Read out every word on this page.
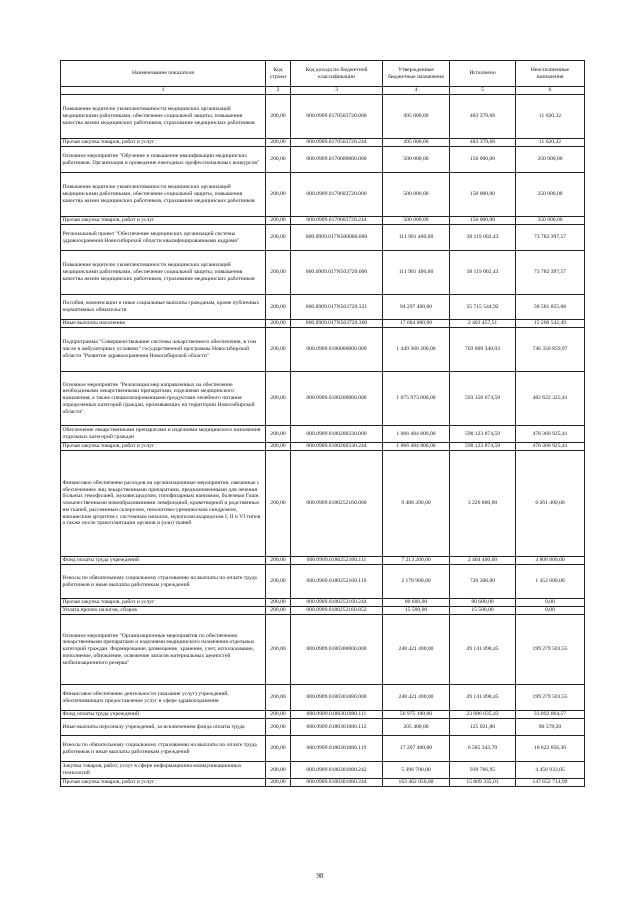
Наименование показателя	Код строки	Код дохода по бюджетной классификации	Утвержденные бюджетные назначения	Исполнено	Неисполненные назначения
1	2	3	4	5	6
Повышение водителю укомплектованности медицинских организаций медицинскими работниками, обеспечение социальной защиты, повышения качества жизни медицинских работников, страхование медицинских работников	200,00	000.0909.0170503720.000	495 000,00	483 379,68	11 620,32
Прочая закупка товаров, работ и услуг	200,00	000.0909.0170503720.244	495 000,00	483 379,68	11 620,32
Основное мероприятие "Обучение и повышение квалификации медицинских работников. Организация и проведение ежегодных профессиональных конкурсов"	200,00	000.0909.0170600000.000	500 000,00	150 000,00	350 000,00
Повышение водителю укомплектованности медицинских организаций медицинскими работниками, обеспечение социальной защиты, повышения качества жизни медицинских работников, страхование медицинских работников	200,00	000.0909.0170603720.000	500 000,00	150 000,00	350 000,00
Прочая закупка товаров, работ и услуг	200,00	000.0909.0170603720.244	500 000,00	150 000,00	350 000,00
Региональный проект "Обеспечение медицинских организаций системы здравоохранения Новосибирской области квалифицированными кадрами"	200,00	000.0909.017N500000.000	111 901 400,00	38 119 002,43	73 782 397,57
Повышение водителю укомплектованности медицинских организаций медицинскими работниками, обеспечение социальной защиты, повышения качества жизни медицинских работников, страхование медицинских работников	200,00	000.0909.017N503720.000	111 901 400,00	38 119 002,43	73 782 397,57
Пособия, компенсации и иные социальные выплаты гражданам, кроме публичных нормативных обязательств	200,00	000.0909.017N503720.321	94 297 400,00	35 715 544,92	58 581 855,08
Иные выплаты населению	200,00	000.0909.017N503720.360	17 604 000,00	2 403 457,51	15 200 542,49
Подпрограмма "Совершенствование системы лекарственного обеспечения, в том числе в амбулаторных условиях" государственной программы Новосибирской области "Развитие здравоохранения Новосибирской области"	200,00	000.0909.0180000000.000	1 449 360 200,00	703 009 340,03	746 350 859,97
Основное мероприятие "Реализация мер направленных на обеспечение необходимыми лекарственными препаратами, изделиями медицинского назначения, а также специализированными продуктами лечебного питания определенных категорий граждан, проживающих на территории Новосибирской области"	200,00	000.0909.0180200000.000	1 075 973 000,00	593 350 674,59	482 622 325,41
Обеспечение лекарственными препаратами и изделиями медицинского назначения отдельных категорий граждан	200,00	000.0909.0180200330.000	1 066 484 800,00	590 123 874,59	476 360 925,41
Прочая закупка товаров, работ и услуг	200,00	000.0909.0180200330.244	1 066 484 800,00	590 123 874,59	476 360 925,41
Финансовое обеспечение расходов на организационные мероприятия, связанные с обеспечением лиц лекарственными препаратами, предназначенными для лечения больных гемофилией, муковисцидозом, гипофизарным нанизмом, болезнью Гоше, злокачественными новообразованиями лимфоидной, кроветворной и родственных им тканей, рассеянным склерозом, гемолитико-уремическим синдромом, юношеским артритом с системным началом, мукополисахаридозом I, II и VI типов а также после трансплантации органов и (или) тканей	200,00	000.0909.0180252160.000	9 488 200,00	3 226 800,00	6 261 400,00
Фонд оплаты труда учреждений	200,00	000.0909.0180252160.111	7 213 200,00	2 404 400,00	4 808 800,00
Взносы по обязательному социальному страхованию на выплаты по оплате труда работников и иные выплаты работникам учреждений	200,00	000.0909.0180252160.119	2 178 900,00	726 300,00	1 452 600,00
Прочая закупка товаров, работ и услуг	200,00	000.0909.0180252160.244	80 600,00	80 600,00	0,00
Уплата прочих налогов, сборов	200,00	000.0909.0180252160.852	15 500,00	15 500,00	0,00
Основное мероприятие "Организационные мероприятия по обеспечению лекарственными препаратами и изделиями медицинского назначения отдельных категорий граждан. Формирование, размещение, хранение, учет, использование, пополнение, обновление, освежение запасов материальных ценностей мобилизационного резерва"	200,00	000.0909.0180300000.000	248 421 400,00	49 141 898,45	199 279 501,55
Финансовое обеспечение деятельности (оказание услуг) учреждений, обеспечивающих предоставление услуг в сфере здравоохранения	200,00	000.0909.0180301080.000	248 421 400,00	49 141 898,45	199 279 501,55
Фонд оплаты труда учреждений	200,00	000.0909.0180301080.111	56 975 100,00	23 086 035,43	33 892 064,57
Иные выплаты персоналу учреждений, за исключением фонда оплаты труда	200,00	000.0909.0180301080.112	205 400,00	125 021,80	80 378,20
Взносы по обязательному социальному страхованию на выплаты по оплате труда работников и иные выплаты работникам учреждений	200,00	000.0909.0180301080.119	17 207 400,00	6 585 343,70	10 622 056,30
Закупка товаров, работ, услуг в сфере информационно-коммуникационных технологий	200,00	000.0909.0180301080.242	5 396 700,00	939 766,95	4 456 933,05
Прочая закупка товаров, работ и услуг	200,00	000.0909.0180301080.244	163 462 050,00	15 809 335,01	147 652 714,99
98
